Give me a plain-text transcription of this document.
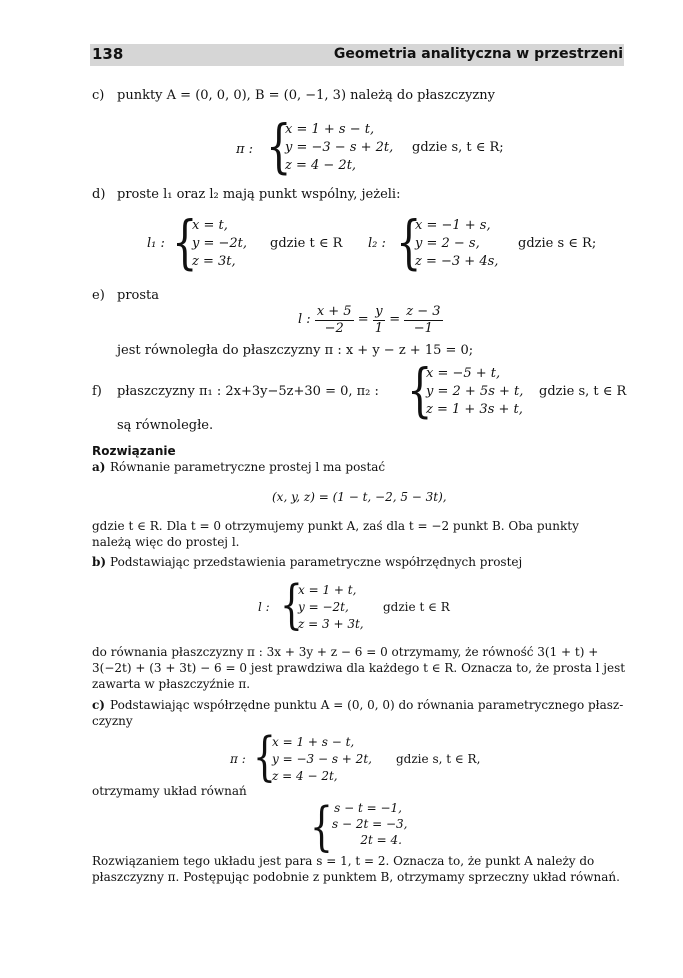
138	Geometria analityczna w przestrzeni
c) punkty A = (0, 0, 0), B = (0, −1, 3) należą do płaszczyzny
π : {
x = 1 + s − t,
y = −3 − s + 2t,
z = 4 − 2t,
gdzie s, t ∈ R;
d) proste l₁ oraz l₂ mają punkt wspólny, jeżeli:
l₁ : {
x = t,
y = −2t,
z = 3t,
gdzie t ∈ R l₂ : {
x = −1 + s,
y = 2 − s,
z = −3 + 4s,
gdzie s ∈ R;
e) prosta
l :
$\frac{x + 5}{-2}$
=
$\frac{y}{1}$
=
$\frac{z - 3}{-1}$
jest równoległa do płaszczyzny π : x + y − z + 15 = 0;
f) płaszczyzny π₁ : 2x+3y−5z+30 = 0, π₂ : {
x = −5 + t,
y = 2 + 5s + t,
z = 1 + 3s + t,
gdzie s, t ∈ R
są równoległe.
Rozwiązanie
a) Równanie parametryczne prostej l ma postać
(x, y, z) = (1 − t, −2, 5 − 3t),
gdzie t ∈ R. Dla t = 0 otrzymujemy punkt A, zaś dla t = −2 punkt B. Oba punkty
należą więc do prostej l.
b) Podstawiając przedstawienia parametryczne współrzędnych prostej
l : {
x = 1 + t,
y = −2t,
z = 3 + 3t,
gdzie t ∈ R
do równania płaszczyzny π : 3x + 3y + z − 6 = 0 otrzymamy, że równość 3(1 + t) +
3(−2t) + (3 + 3t) − 6 = 0 jest prawdziwa dla każdego t ∈ R. Oznacza to, że prosta l jest
zawarta w płaszczyźnie π.
c) Podstawiając współrzędne punktu A = (0, 0, 0) do równania parametrycznego płasz-
czyzny
π : {
x = 1 + s − t,
y = −3 − s + 2t,
z = 4 − 2t,
gdzie s, t ∈ R,
otrzymamy układ równań
{ s − t = −1,
s − 2t = −3,
2t = 4.
Rozwiązaniem tego układu jest para s = 1, t = 2. Oznacza to, że punkt A należy do
płaszczyzny π. Postępując podobnie z punktem B, otrzymamy sprzeczny układ równań.
